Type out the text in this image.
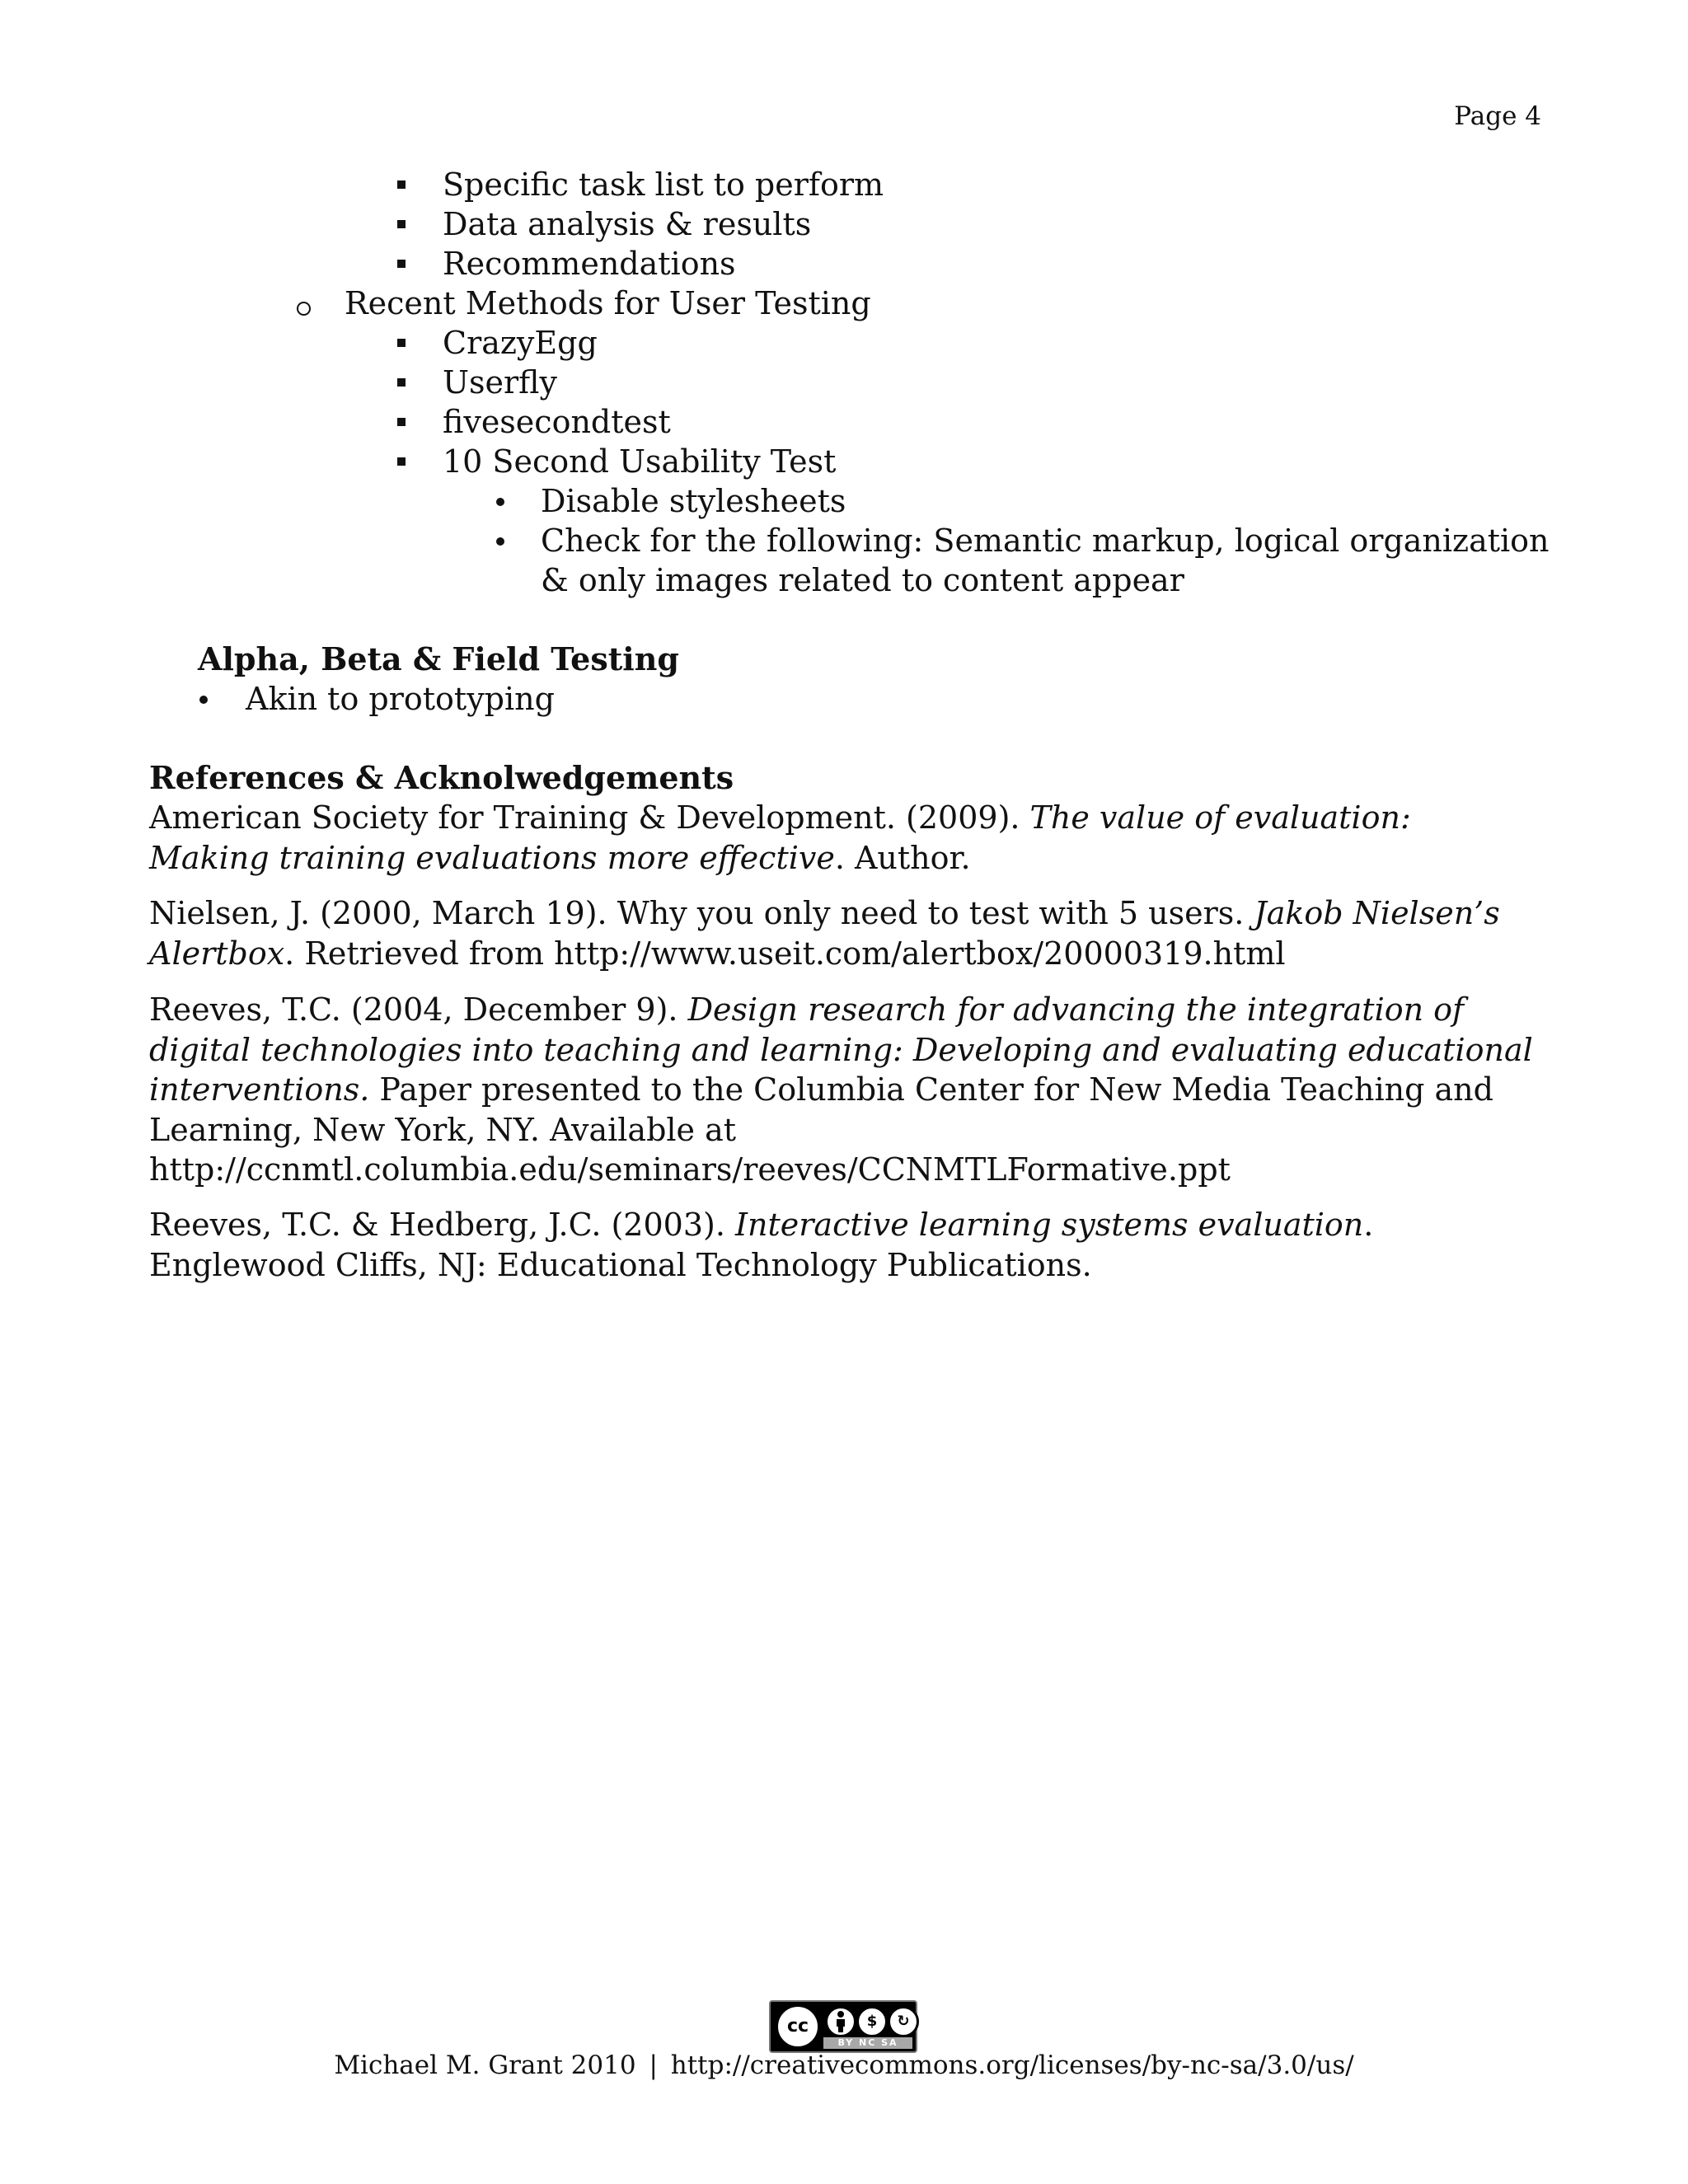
Page 4
Specific task list to perform
Data analysis & results
Recommendations
Recent Methods for User Testing
CrazyEgg
Userfly
fivesecondtest
10 Second Usability Test
Disable stylesheets
Check for the following: Semantic markup, logical organization
& only images related to content appear
Alpha, Beta & Field Testing
Akin to prototyping
References & Acknolwedgements
American Society for Training & Development. (2009). The value of evaluation: Making training evaluations more effective. Author.
Nielsen, J. (2000, March 19). Why you only need to test with 5 users. Jakob Nielsen’s Alertbox. Retrieved from http://www.useit.com/alertbox/20000319.html
Reeves, T.C. (2004, December 9). Design research for advancing the integration of digital technologies into teaching and learning: Developing and evaluating educational interventions. Paper presented to the Columbia Center for New Media Teaching and Learning, New York, NY. Available at http://ccnmtl.columbia.edu/seminars/reeves/CCNMTLFormative.ppt
Reeves, T.C. & Hedberg, J.C. (2003). Interactive learning systems evaluation. Englewood Cliffs, NJ: Educational Technology Publications.
cc	$	↻
BY NC SA
Michael M. Grant 2010 | http://creativecommons.org/licenses/by-nc-sa/3.0/us/
